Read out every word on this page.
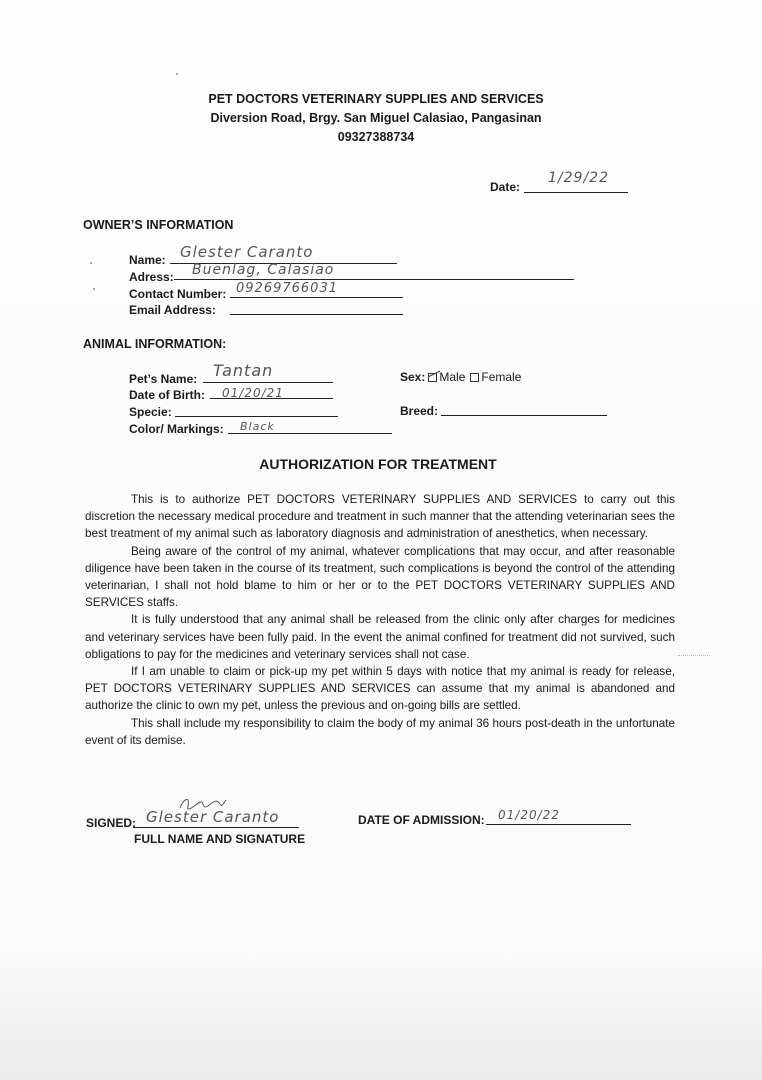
PET DOCTORS VETERINARY SUPPLIES AND SERVICES
Diversion Road, Brgy. San Miguel Calasiao, Pangasinan
09327388734
Date:
1/29/22
OWNER’S INFORMATION
Name: Glester Caranto
Adress: Buenlag, Calasiao
Contact Number: 09269766031
Email Address:
ANIMAL INFORMATION:
Pet’s Name: Tantan
Date of Birth: 01/20/21
Specie:
Color/ Markings: Black
Sex: Male Female
Breed:
AUTHORIZATION FOR TREATMENT

This is to authorize PET DOCTORS VETERINARY SUPPLIES AND SERVICES to carry out this discretion the necessary medical procedure and treatment in such manner that the attending veterinarian sees the best treatment of my animal such as laboratory diagnosis and administration of anesthetics, when necessary.

Being aware of the control of my animal, whatever complications that may occur, and after reasonable diligence have been taken in the course of its treatment, such complications is beyond the control of the attending veterinarian, I shall not hold blame to him or her or to the PET DOCTORS VETERINARY SUPPLIES AND SERVICES staffs.

It is fully understood that any animal shall be released from the clinic only after charges for medicines and veterinary services have been fully paid. In the event the animal confined for treatment did not survived, such obligations to pay for the medicines and veterinary services shall not case.

If I am unable to claim or pick-up my pet within 5 days with notice that my animal is ready for release, PET DOCTORS VETERINARY SUPPLIES AND SERVICES can assume that my animal is abandoned and authorize the clinic to own my pet, unless the previous and on-going bills are settled.

This shall include my responsibility to claim the body of my animal 36 hours post-death in the unfortunate event of its demise.

SIGNED: Glester Caranto
FULL NAME AND SIGNATURE
DATE OF ADMISSION: 01/20/22
